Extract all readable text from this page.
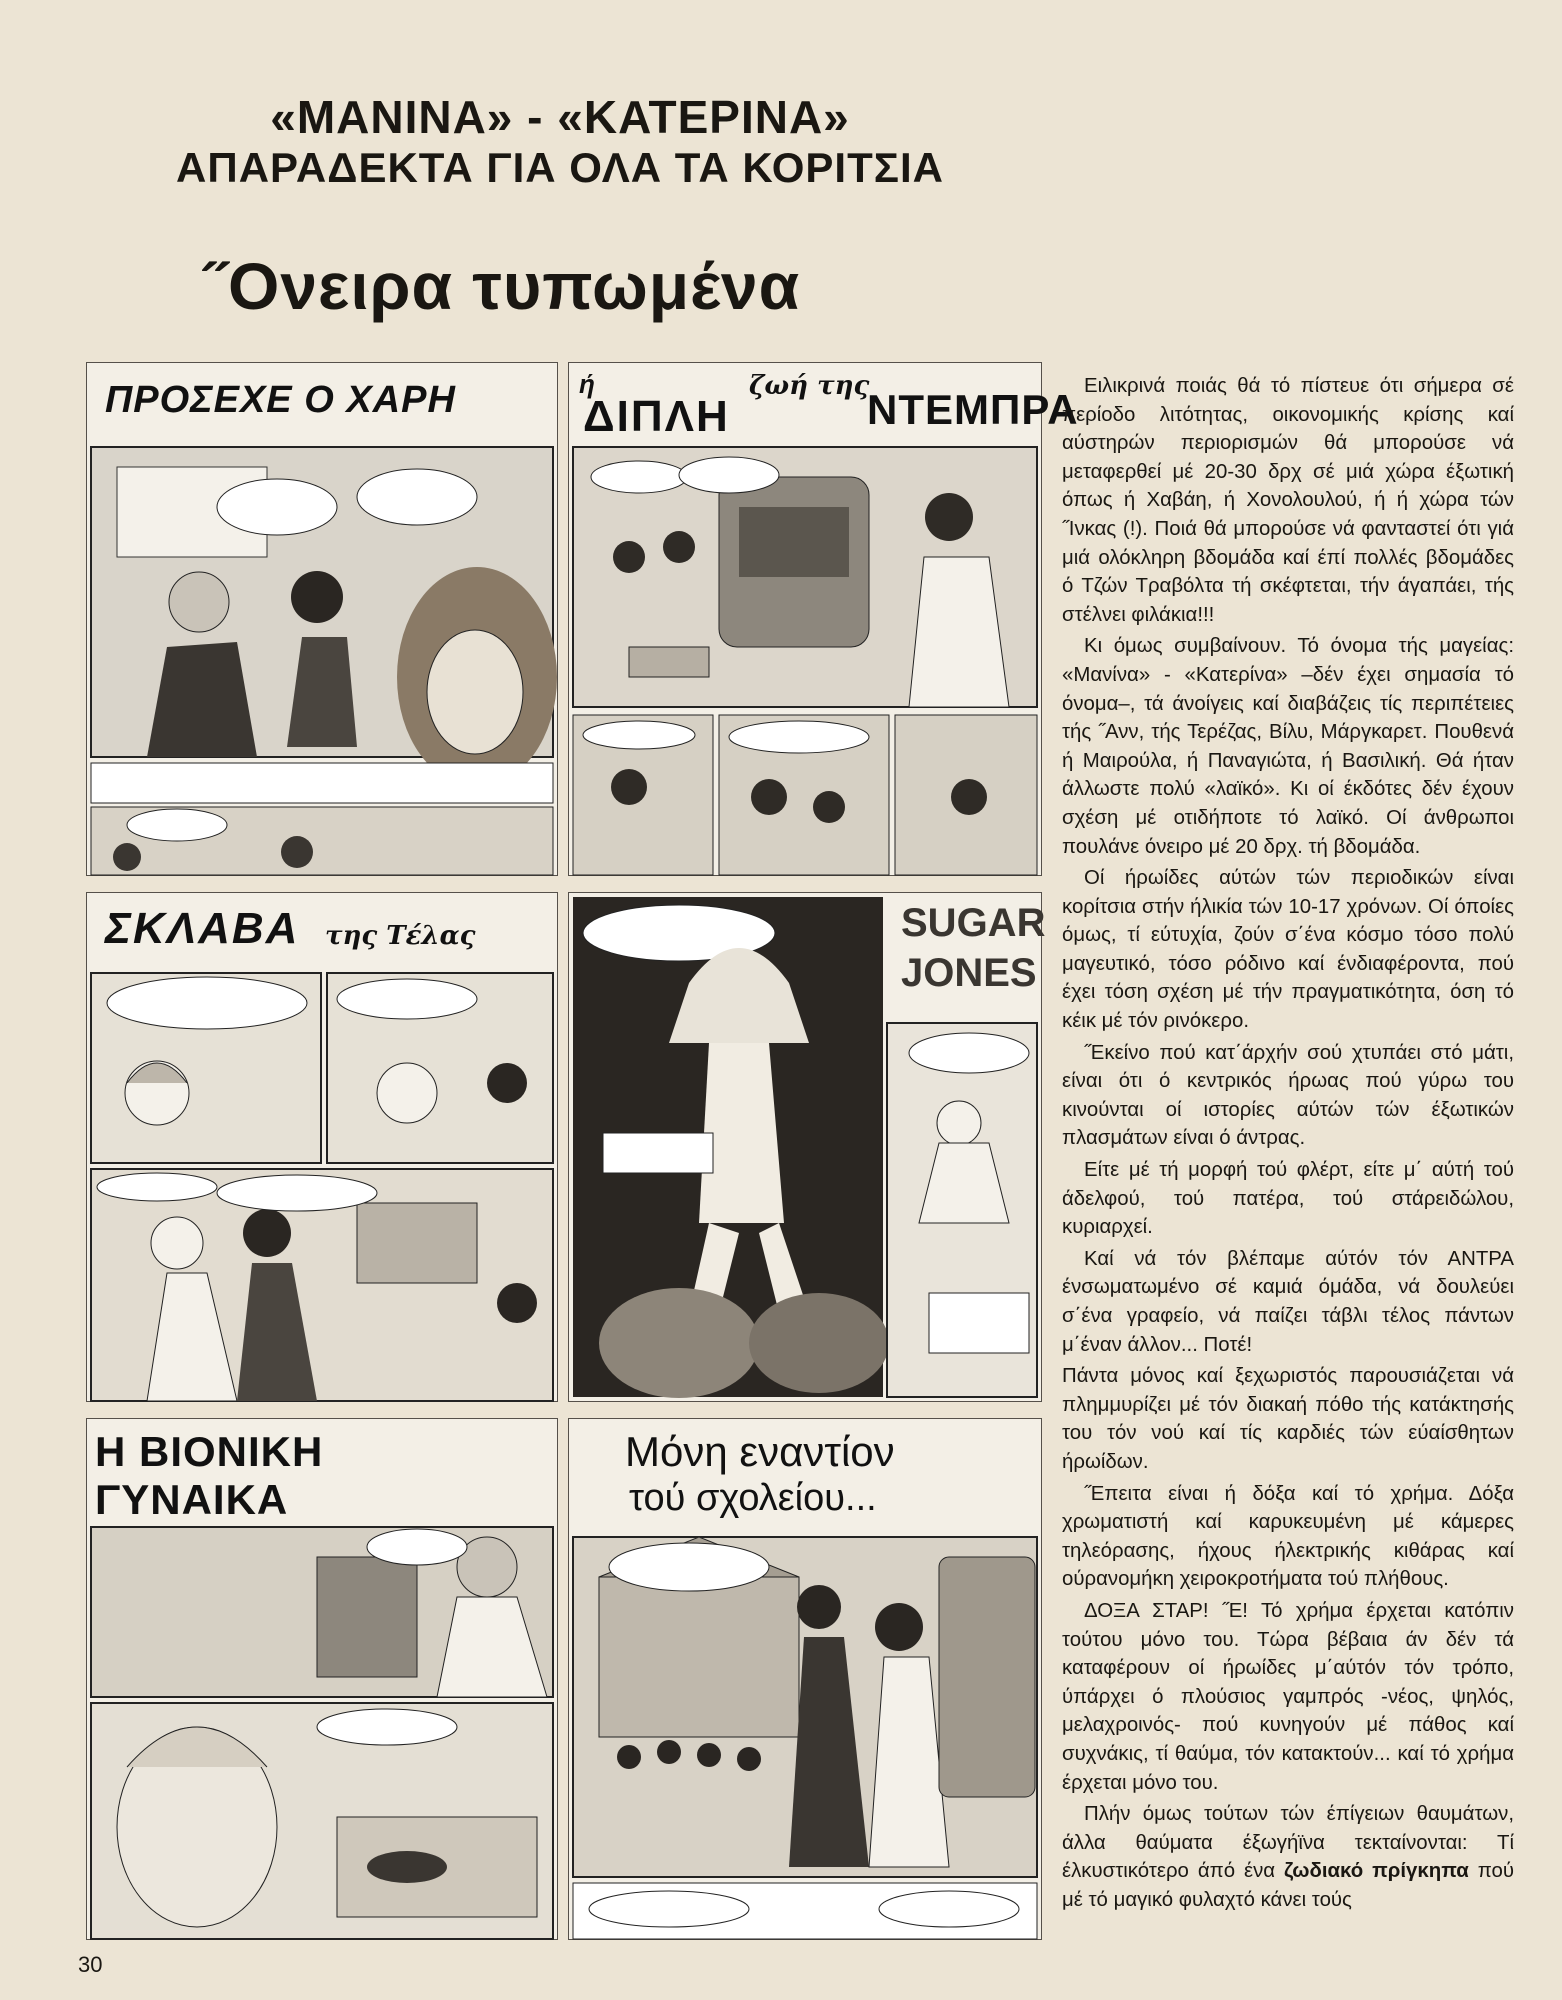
«ΜΑΝΙΝΑ» - «ΚΑΤΕΡΙΝΑ»
ΑΠΑΡΑΔΕΚΤΑ ΓΙΑ ΟΛΑ ΤΑ ΚΟΡΙΤΣΙΑ
˝Ονειρα τυπωμένα
ΠΡΟΣΕΧΕ Ο ΧΑΡΗ	ή
ΔΙΠΛΗ
ζωή της
ΝΤΕΜΠΡΑ
ΣΚΛΑΒΑ της Τέλας	SUGAR
JONES
Η ΒΙΟΝΙΚΗ
ΓΥΝΑΙΚΑ
Μόνη εναντίον
τού σχολείου...

Ειλικρινά ποιάς θά τό πίστευε ότι σήμερα σέ περίοδο λιτότητας, οικονομικής κρίσης καί αύστηρών περιορισμών θά μπορούσε νά μεταφερθεί μέ 20-30 δρχ σέ μιά χώρα έξωτική όπως ή Χαβάη, ή Χονολουλού, ή ή χώρα τών ˝Ινκας (!). Ποιά θά μπορούσε νά φανταστεί ότι γιά μιά ολόκληρη βδομάδα καί έπί πολλές βδομάδες ό Τζών Τραβόλτα τή σκέφτεται, τήν άγαπάει, τής στέλνει φιλάκια!!!

Κι όμως συμβαίνουν. Τό όνομα τής μαγείας: «Μανίνα» - «Κατερίνα» –δέν έχει σημασία τό όνομα–, τά άνοίγεις καί διαβάζεις τίς περιπέτειες τής ˝Ανν, τής Τερέζας, Βίλυ, Μάργκαρετ. Πουθενά ή Μαιρούλα, ή Παναγιώτα, ή Βασιλική. Θά ήταν άλλωστε πολύ «λαϊκό». Κι οί έκδότες δέν έχουν σχέση μέ οτιδήποτε τό λαϊκό. Οί άνθρωποι πουλάνε όνειρο μέ 20 δρχ. τή βδομάδα.

Οί ήρωίδες αύτών τών περιοδικών είναι κορίτσια στήν ήλικία τών 10-17 χρόνων. Οί όποίες όμως, τί εύτυχία, ζούν σ΄ένα κόσμο τόσο πολύ μαγευτικό, τόσο ρόδινο καί ένδιαφέροντα, πού έχει τόση σχέση μέ τήν πραγματικότητα, όση τό κέικ μέ τόν ρινόκερο.

˝Εκείνο πού κατ΄άρχήν σού χτυπάει στό μάτι, είναι ότι ό κεντρικός ήρωας πού γύρω του κινούνται οί ιστορίες αύτών τών έξωτικών πλασμάτων είναι ό άντρας.

Είτε μέ τή μορφή τού φλέρτ, είτε μ΄ αύτή τού άδελφού, τού πατέρα, τού στάρειδώλου, κυριαρχεί.

Καί νά τόν βλέπαμε αύτόν τόν ΑΝΤΡΑ ένσωματωμένο σέ καμιά όμάδα, νά δουλεύει σ΄ένα γραφείο, νά παίζει τάβλι τέλος πάντων μ΄έναν άλλον... Ποτέ!

Πάντα μόνος καί ξεχωριστός παρουσιάζεται νά πλημμυρίζει μέ τόν διακαή πόθο τής κατάκτησής του τόν νού καί τίς καρδιές τών εύαίσθητων ήρωίδων.

˝Επειτα είναι ή δόξα καί τό χρήμα. Δόξα χρωματιστή καί καρυκευμένη μέ κάμερες τηλεόρασης, ήχους ήλεκτρικής κιθάρας καί ούρανομήκη χειροκροτήματα τού πλήθους.

ΔΟΞΑ ΣΤΑΡ! ˝Ε! Τό χρήμα έρχεται κατόπιν τούτου μόνο του. Τώρα βέβαια άν δέν τά καταφέρουν οί ήρωίδες μ΄αύτόν τόν τρόπο, ύπάρχει ό πλούσιος γαμπρός -νέος, ψηλός, μελαχροινός- πού κυνηγούν μέ πάθος καί συχνάκις, τί θαύμα, τόν κατακτούν... καί τό χρήμα έρχεται μόνο του.

Πλήν όμως τούτων τών έπίγειων θαυμάτων, άλλα θαύματα έξωγήϊνα τεκταίνονται: Τί έλκυστικότερο άπό ένα ζωδιακό πρίγκηπα πού μέ τό μαγικό φυλαχτό κάνει τούς

30
